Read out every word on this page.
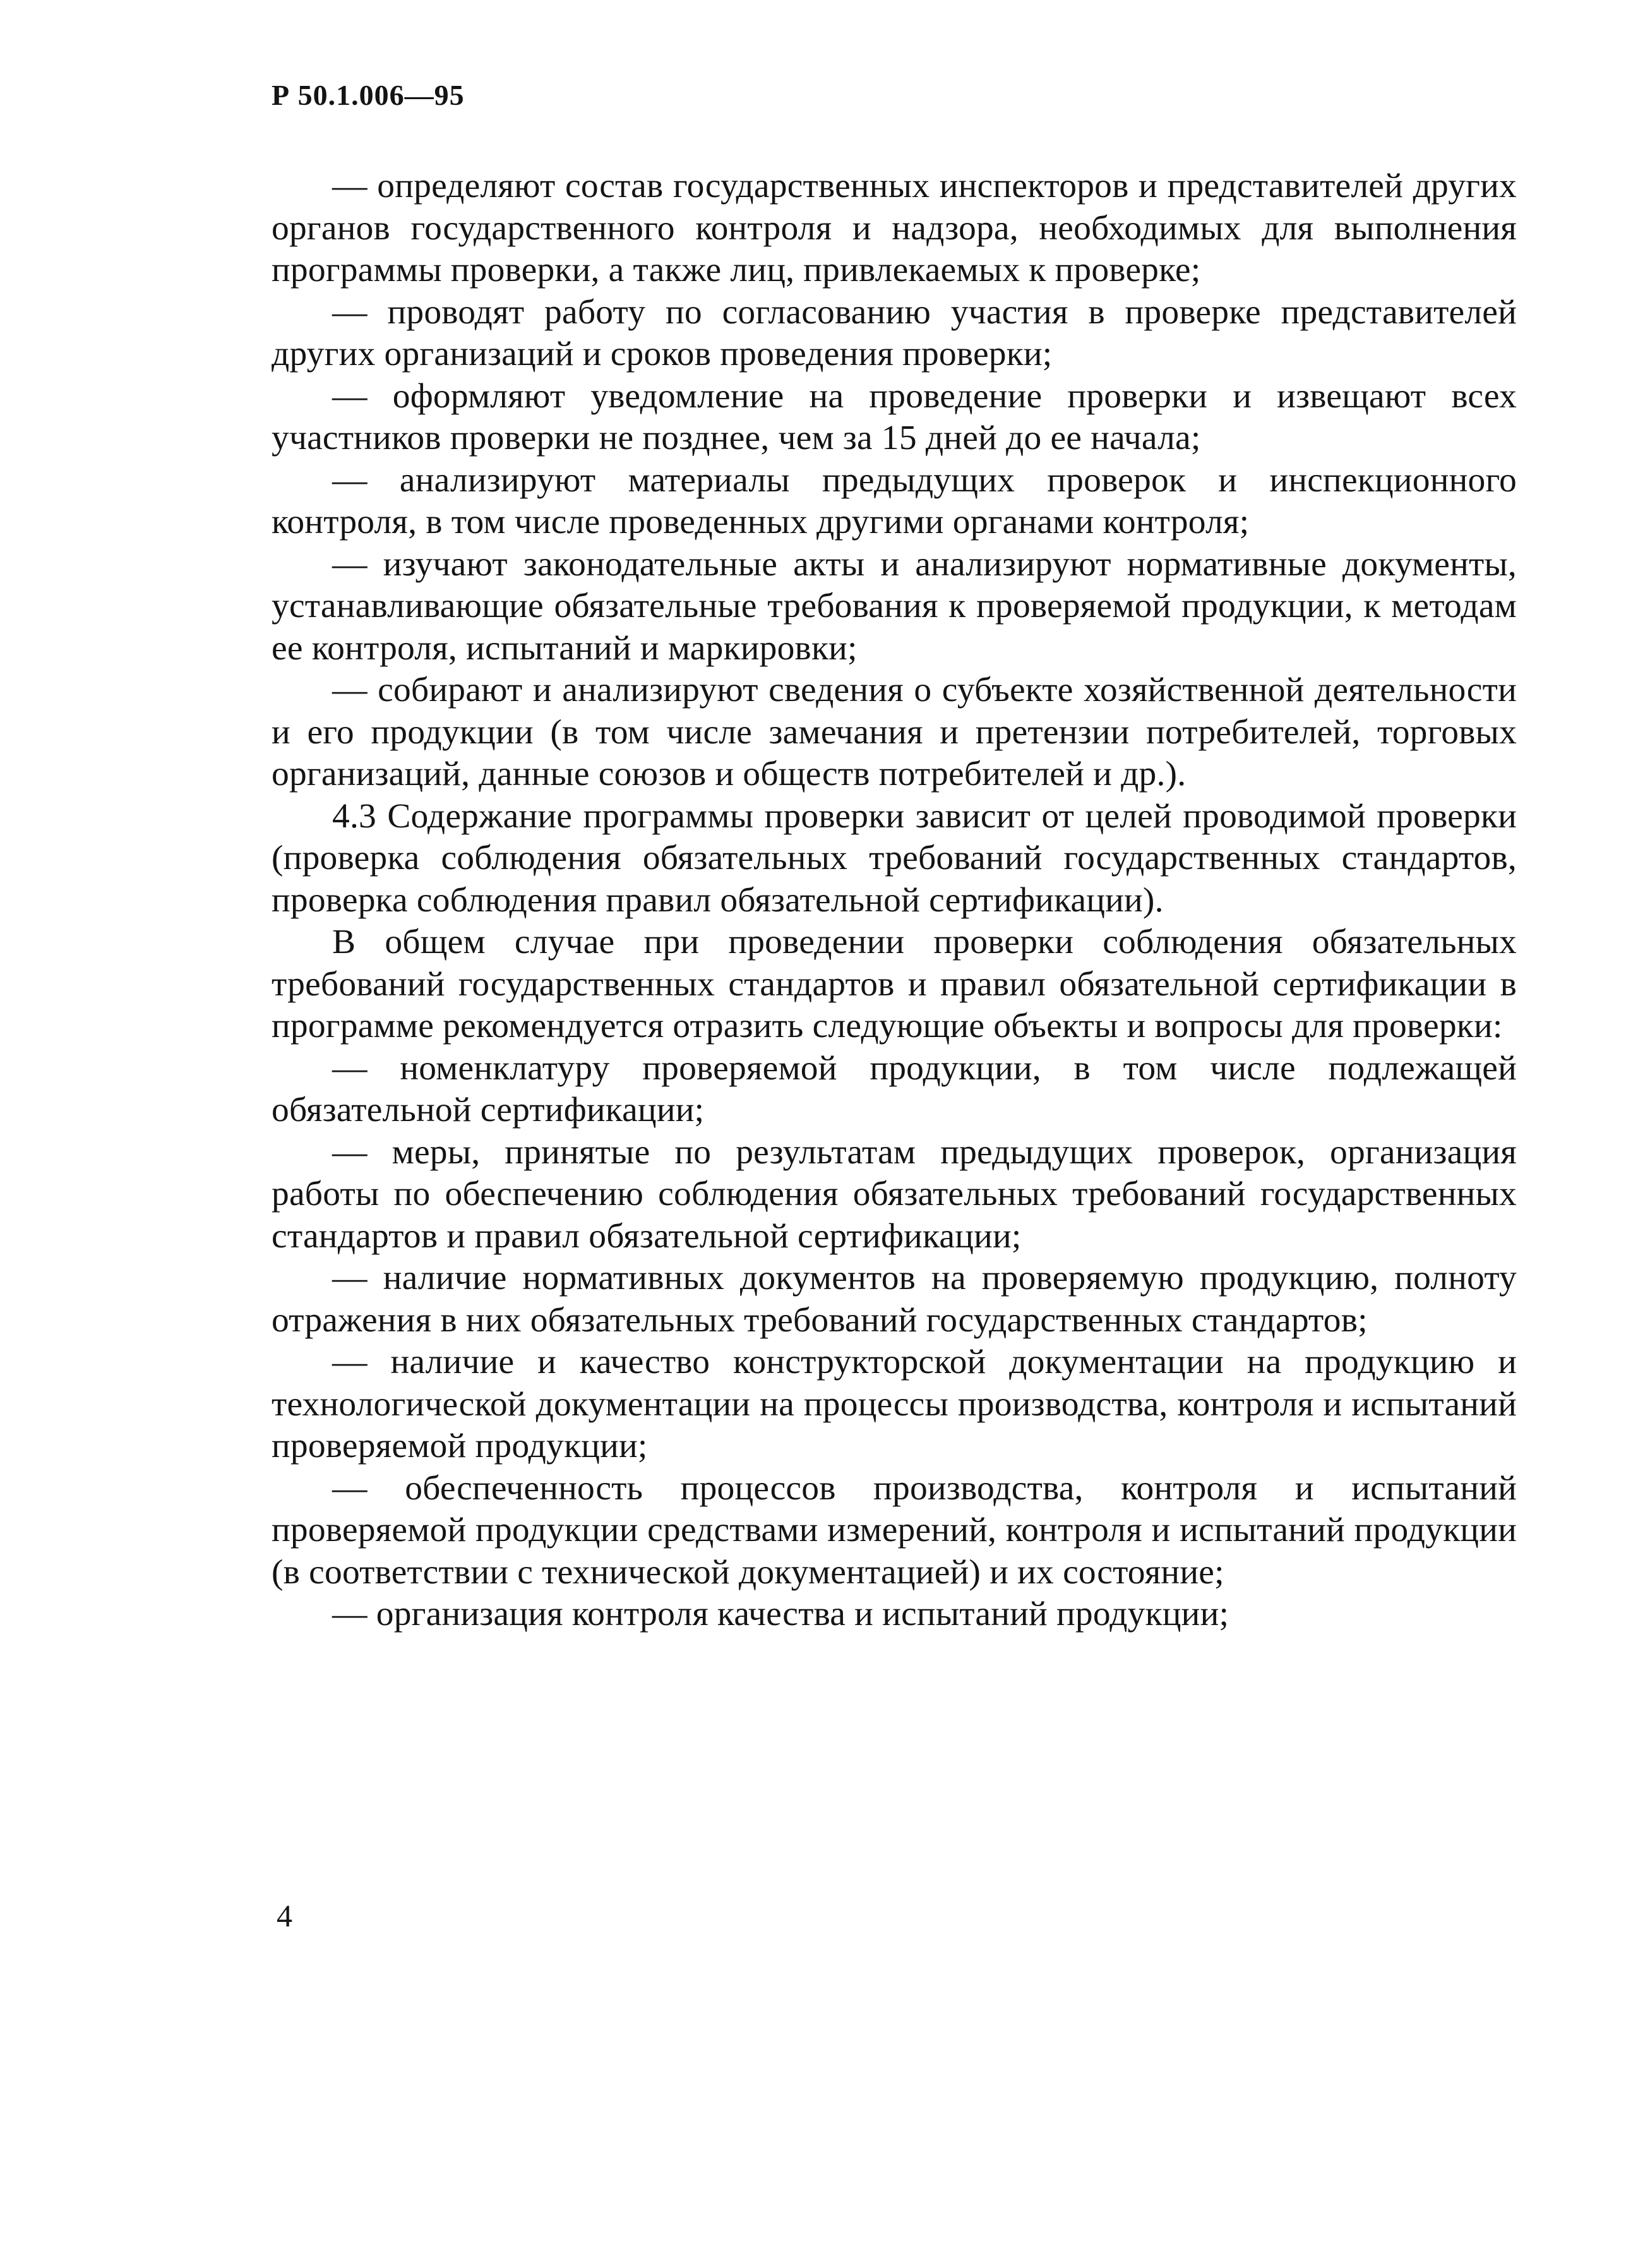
Р 50.1.006—95

— определяют состав государственных инспекторов и представителей других органов государственного контроля и надзора, необходимых для выполнения программы проверки, а также лиц, привлекаемых к проверке;

— проводят работу по согласованию участия в проверке представителей других организаций и сроков проведения проверки;

— оформляют уведомление на проведение проверки и извещают всех участников проверки не позднее, чем за 15 дней до ее начала;

— анализируют материалы предыдущих проверок и инспекционного контроля, в том числе проведенных другими органами контроля;

— изучают законодательные акты и анализируют нормативные документы, устанавливающие обязательные требования к проверяемой продукции, к методам ее контроля, испытаний и маркировки;

— собирают и анализируют сведения о субъекте хозяйственной деятельности и его продукции (в том числе замечания и претензии потребителей, торговых организаций, данные союзов и обществ потребителей и др.).

4.3 Содержание программы проверки зависит от целей проводимой проверки (проверка соблюдения обязательных требований государственных стандартов, проверка соблюдения правил обязательной сертификации).

В общем случае при проведении проверки соблюдения обязательных требований государственных стандартов и правил обязательной сертификации в программе рекомендуется отразить следующие объекты и вопросы для проверки:

— номенклатуру проверяемой продукции, в том числе подлежащей обязательной сертификации;

— меры, принятые по результатам предыдущих проверок, организация работы по обеспечению соблюдения обязательных требований государственных стандартов и правил обязательной сертификации;

— наличие нормативных документов на проверяемую продукцию, полноту отражения в них обязательных требований государственных стандартов;

— наличие и качество конструкторской документации на продукцию и технологической документации на процессы производства, контроля и испытаний проверяемой продукции;

— обеспеченность процессов производства, контроля и испытаний проверяемой продукции средствами измерений, контроля и испытаний продукции (в соответствии с технической документацией) и их состояние;

— организация контроля качества и испытаний продукции;

4
